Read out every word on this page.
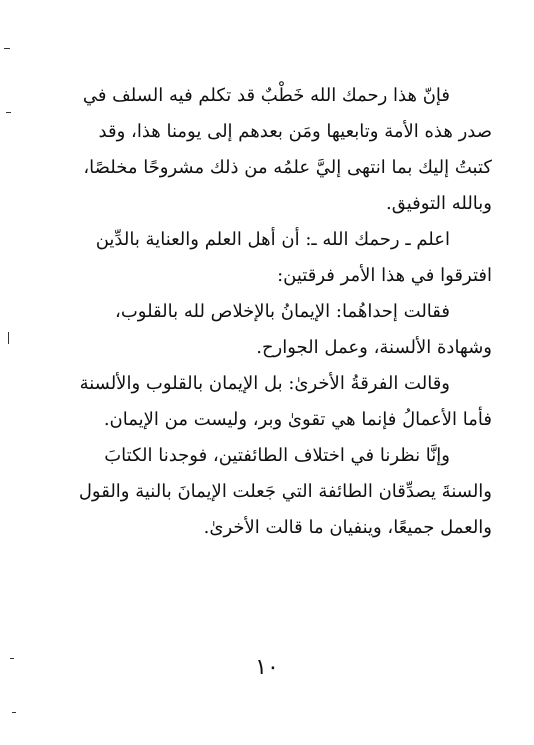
فإنّ هذا رحمك الله خَطْبٌ قد تكلم فيه السلف في
صدر هذه الأمة وتابعيها ومَن بعدهم إلى يومنا هذا، وقد
كتبتُ إليك بما انتهى إليَّ علمُه من ذلك مشروحًا مخلصًا،
وبالله التوفيق.
اعلم ـ رحمك الله ـ: أن أهل العلم والعناية بالدِّين
افترقوا في هذا الأمر فرقتين:
فقالت إحداهُما: الإيمانُ بالإخلاص لله بالقلوب،
وشهادة الألسنة، وعمل الجوارح.
وقالت الفرقةُ الأخرىٰ: بل الإيمان بالقلوب والألسنة
فأما الأعمالُ فإنما هي تقوىٰ وبر، وليست من الإيمان.
وإنَّا نظرنا في اختلاف الطائفتين، فوجدنا الكتابَ
والسنةَ يصدِّقان الطائفة التي جَعلت الإيمانَ بالنية والقول
والعمل جميعًا، وينفيان ما قالت الأخرىٰ.
١٠
